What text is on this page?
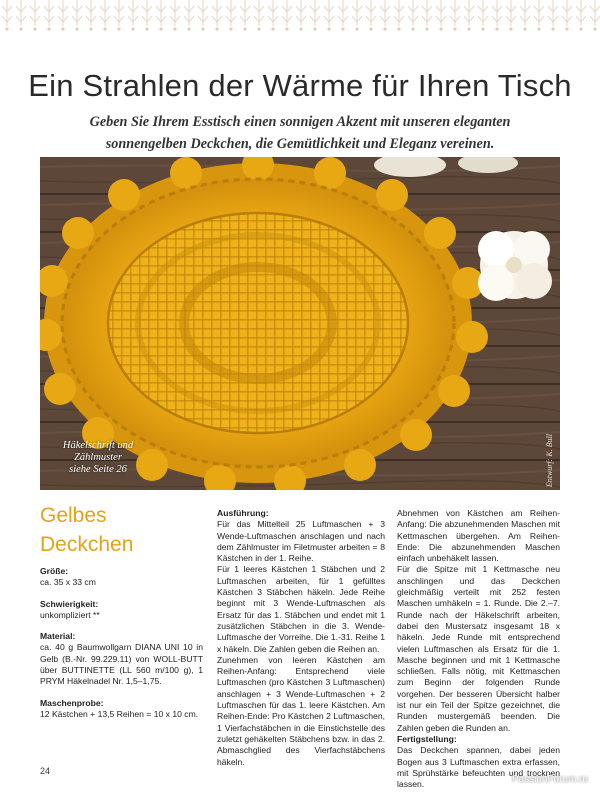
Ein Strahlen der Wärme für Ihren Tisch

Geben Sie Ihrem Esstisch einen sonnigen Akzent mit unseren eleganten sonnengelben Deckchen, die Gemütlichkeit und Eleganz vereinen.

Häkelschrift und
Zählmuster
siehe Seite 26	Entwurf: K. Bull
Gelbes
Deckchen

Größe:
ca. 35 x 33 cm

Schwierigkeit:
unkompliziert **

Material:
ca. 40 g Baumwollgarn DIANA UNI 10 in Gelb (B.-Nr. 99.229.11) von WOLL-BUTT über BUTTINETTE (LL 560 m/100 g), 1 PRYM Häkelnadel Nr. 1,5–1,75.

Maschenprobe:
12 Kästchen + 13,5 Reihen = 10 x 10 cm.

Ausführung:

Für das Mittelteil 25 Luftmaschen + 3 Wende-Luftmaschen anschlagen und nach dem Zählmuster im Filetmuster arbeiten = 8 Kästchen in der 1. Reihe.

Für 1 leeres Kästchen 1 Stäbchen und 2 Luftmaschen arbeiten, für 1 gefülltes Kästchen 3 Stäbchen häkeln. Jede Reihe beginnt mit 3 Wende-Luftmaschen als Ersatz für das 1. Stäbchen und endet mit 1 zusätzlichen Stäbchen in die 3. Wende-Luftmasche der Vorreihe. Die 1.-31. Reihe 1 x häkeln. Die Zahlen geben die Reihen an.

Zunehmen von leeren Kästchen am Reihen-Anfang: Entsprechend viele Luftmaschen (pro Kästchen 3 Luftmaschen) anschlagen + 3 Wende-Luftmaschen + 2 Luftmaschen für das 1. leere Kästchen. Am Reihen-Ende: Pro Kästchen 2 Luftmaschen, 1 Vierfachstäbchen in die Einstichstelle des zuletzt gehäkelten Stäbchens bzw. in das 2. Abmaschglied des Vierfachstäbchens häkeln.

Abnehmen von Kästchen am Reihen-Anfang: Die abzunehmenden Maschen mit Kettmaschen übergehen. Am Reihen-Ende: Die abzunehmenden Maschen einfach unbehäkelt lassen.

Für die Spitze mit 1 Kettmasche neu anschlingen und das Deckchen gleichmäßig verteilt mit 252 festen Maschen umhäkeln = 1. Runde. Die 2.–7. Runde nach der Häkelschrift arbeiten, dabei den Mustersatz insgesamt 18 x häkeln. Jede Runde mit entsprechend vielen Luftmaschen als Ersatz für die 1. Masche beginnen und mit 1 Kettmasche schließen. Falls nötig, mit Kettmaschen zum Beginn der folgenden Runde vorgehen. Der besseren Übersicht halber ist nur ein Teil der Spitze gezeichnet, die Runden mustergemäß beenden. Die Zahlen geben die Runden an.

Fertigstellung:

Das Deckchen spannen, dabei jeden Bogen aus 3 Luftmaschen extra erfassen, mit Sprühstärke befeuchten und trocknen lassen.

24
PassionForum.ru
